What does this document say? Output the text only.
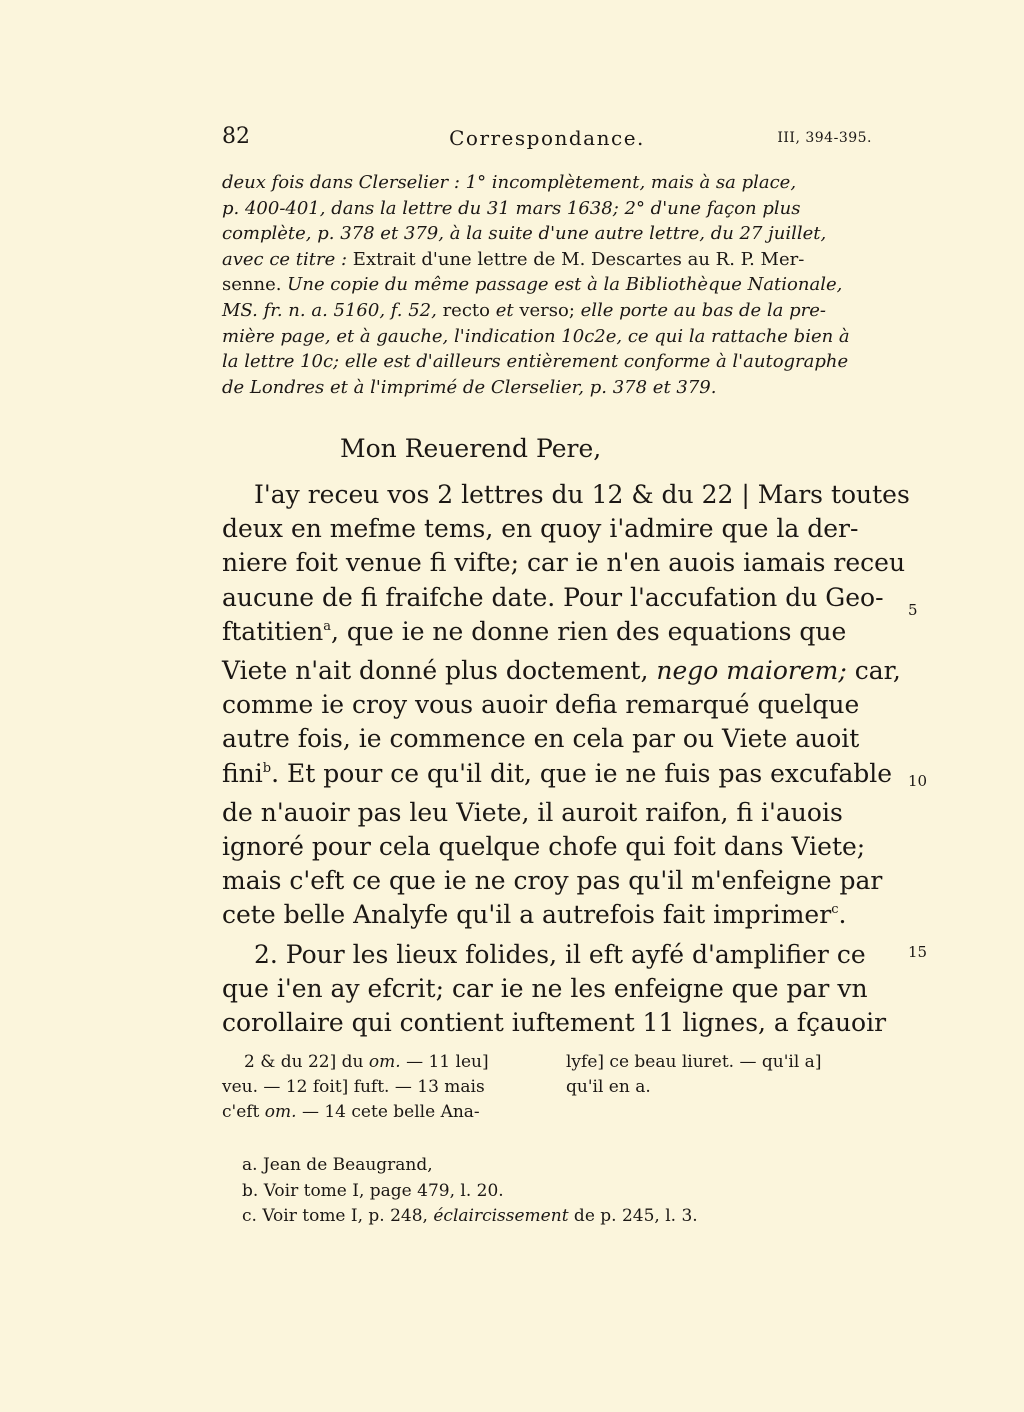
82	Correspondance.	III, 394-395.
deux fois dans Clerselier : 1° incomplètement, mais à sa place,
p. 400-401, dans la lettre du 31 mars 1638; 2° d'une façon plus
complète, p. 378 et 379, à la suite d'une autre lettre, du 27 juillet,
avec ce titre : Extrait d'une lettre de M. Descartes au R. P. Mer-
senne. Une copie du même passage est à la Bibliothèque Nationale,
MS. fr. n. a. 5160, f. 52, recto et verso; elle porte au bas de la pre-
mière page, et à gauche, l'indication 10c2e, ce qui la rattache bien à
la lettre 10c; elle est d'ailleurs entièrement conforme à l'autographe
de Londres et à l'imprimé de Clerselier, p. 378 et 379.
Mon Reuerend Pere,
I'ay receu vos 2 lettres du 12 & du 22 | Mars toutes
deux en mefme tems, en quoy i'admire que la der-
niere foit venue fi vifte; car ie n'en auois iamais receu
aucune de fi fraifche date. Pour l'accufation du Geo-
ftatitien$^a$, que ie ne donne rien des equations que
Viete n'ait donné plus doctement, nego maiorem; car,
comme ie croy vous auoir defia remarqué quelque
autre fois, ie commence en cela par ou Viete auoit
fini$^b$. Et pour ce qu'il dit, que ie ne fuis pas excufable
de n'auoir pas leu Viete, il auroit raifon, fi i'auois
ignoré pour cela quelque chofe qui foit dans Viete;
mais c'eft ce que ie ne croy pas qu'il m'enfeigne par
cete belle Analyfe qu'il a autrefois fait imprimer$^c$.
2. Pour les lieux folides, il eft ayfé d'amplifier ce
que i'en ay efcrit; car ie ne les enfeigne que par vn
corollaire qui contient iuftement 11 lignes, a fçauoir
5
10
15
2 & du 22] du om. — 11 leu]
veu. — 12 foit] fuft. — 13 mais
c'eft om. — 14 cete belle Ana-
lyfe] ce beau liuret. — qu'il a]
qu'il en a.
a. Jean de Beaugrand,
b. Voir tome I, page 479, l. 20.
c. Voir tome I, p. 248, éclaircissement de p. 245, l. 3.
